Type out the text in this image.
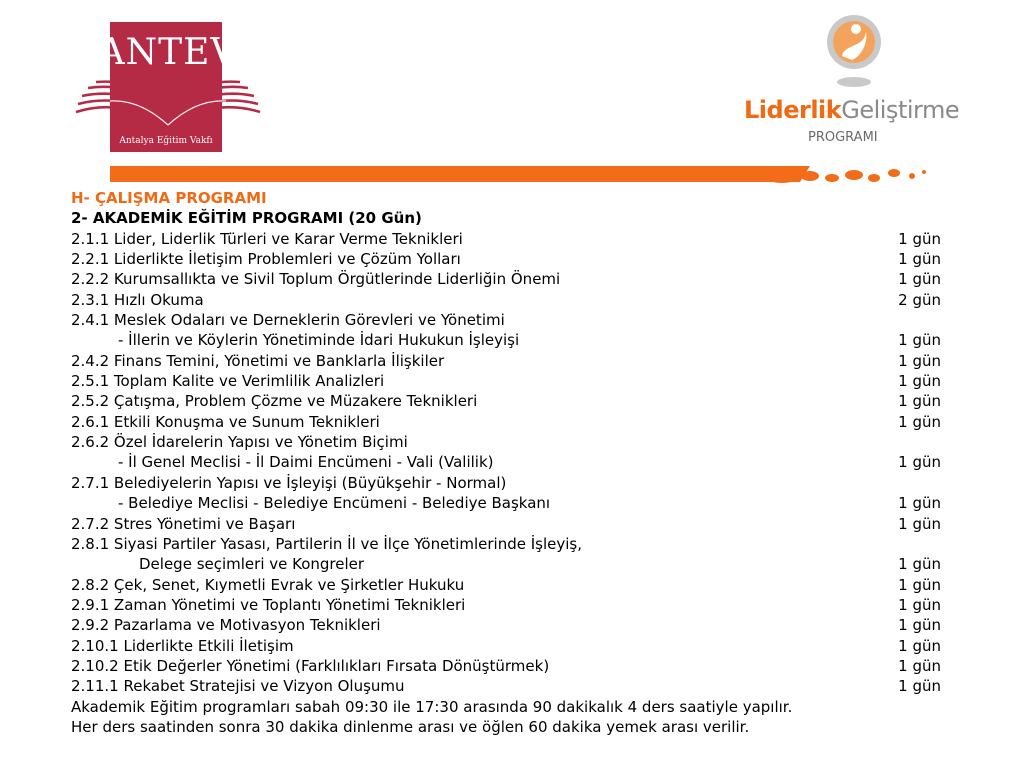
ANTEV
Antalya Eğitim Vakfı
LiderlikGeliştirme
PROGRAMI
H- ÇALIŞMA PROGRAMI
2- AKADEMİK EĞİTİM PROGRAMI (20 Gün)
2.1.1 Lider, Liderlik Türleri ve Karar Verme Teknikleri	1 gün
2.2.1 Liderlikte İletişim Problemleri ve Çözüm Yolları	1 gün
2.2.2 Kurumsallıkta ve Sivil Toplum Örgütlerinde Liderliğin Önemi	1 gün
2.3.1 Hızlı Okuma	2 gün
2.4.1 Meslek Odaları ve Derneklerin Görevleri ve Yönetimi
- İllerin ve Köylerin Yönetiminde İdari Hukukun İşleyişi	1 gün
2.4.2 Finans Temini, Yönetimi ve Banklarla İlişkiler	1 gün
2.5.1 Toplam Kalite ve Verimlilik Analizleri	1 gün
2.5.2 Çatışma, Problem Çözme ve Müzakere Teknikleri	1 gün
2.6.1 Etkili Konuşma ve Sunum Teknikleri	1 gün
2.6.2 Özel İdarelerin Yapısı ve Yönetim Biçimi
- İl Genel Meclisi - İl Daimi Encümeni - Vali (Valilik)	1 gün
2.7.1 Belediyelerin Yapısı ve İşleyişi (Büyükşehir - Normal)
- Belediye Meclisi - Belediye Encümeni - Belediye Başkanı	1 gün
2.7.2 Stres Yönetimi ve Başarı	1 gün
2.8.1 Siyasi Partiler Yasası, Partilerin İl ve İlçe Yönetimlerinde İşleyiş,
Delege seçimleri ve Kongreler	1 gün
2.8.2 Çek, Senet, Kıymetli Evrak ve Şirketler Hukuku	1 gün
2.9.1 Zaman Yönetimi ve Toplantı Yönetimi Teknikleri	1 gün
2.9.2 Pazarlama ve Motivasyon Teknikleri	1 gün
2.10.1 Liderlikte Etkili İletişim	1 gün
2.10.2 Etik Değerler Yönetimi (Farklılıkları Fırsata Dönüştürmek)	1 gün
2.11.1 Rekabet Stratejisi ve Vizyon Oluşumu	1 gün
Akademik Eğitim programları sabah 09:30 ile 17:30 arasında 90 dakikalık 4 ders saatiyle yapılır.
Her ders saatinden sonra 30 dakika dinlenme arası ve öğlen 60 dakika yemek arası verilir.
